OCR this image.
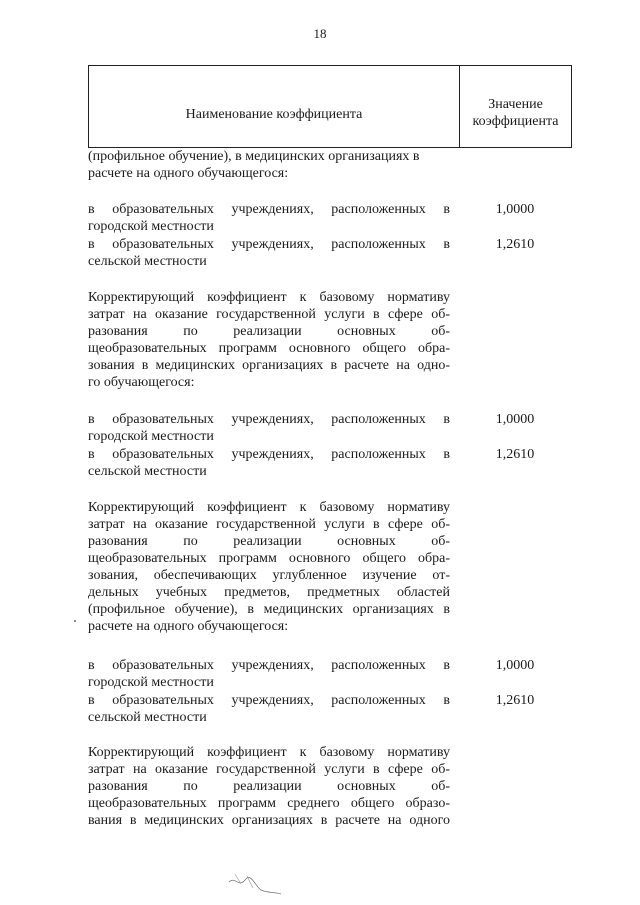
18
Наименование коэффициента
Значение
коэффициента
(профильное обучение), в медицинских организациях в
расчете на одного обучающегося:
в образовательных учреждениях, расположенных в
городской местности
в образовательных учреждениях, расположенных в
сельской местности
Корректирующий коэффициент к базовому нормативу
затрат на оказание государственной услуги в сфере об-
разования по реализации основных об-
щеобразовательных программ основного общего обра-
зования в медицинских организациях в расчете на одно-
го обучающегося:
в образовательных учреждениях, расположенных в
городской местности
в образовательных учреждениях, расположенных в
сельской местности
Корректирующий коэффициент к базовому нормативу
затрат на оказание государственной услуги в сфере об-
разования по реализации основных об-
щеобразовательных программ основного общего обра-
зования, обеспечивающих углубленное изучение от-
дельных учебных предметов, предметных областей
(профильное обучение), в медицинских организациях в
расчете на одного обучающегося:
в образовательных учреждениях, расположенных в
городской местности
в образовательных учреждениях, расположенных в
сельской местности
Корректирующий коэффициент к базовому нормативу
затрат на оказание государственной услуги в сфере об-
разования по реализации основных об-
щеобразовательных программ среднего общего образо-
вания в медицинских организациях в расчете на одного
1,0000
1,2610
1,0000
1,2610
1,0000
1,2610
